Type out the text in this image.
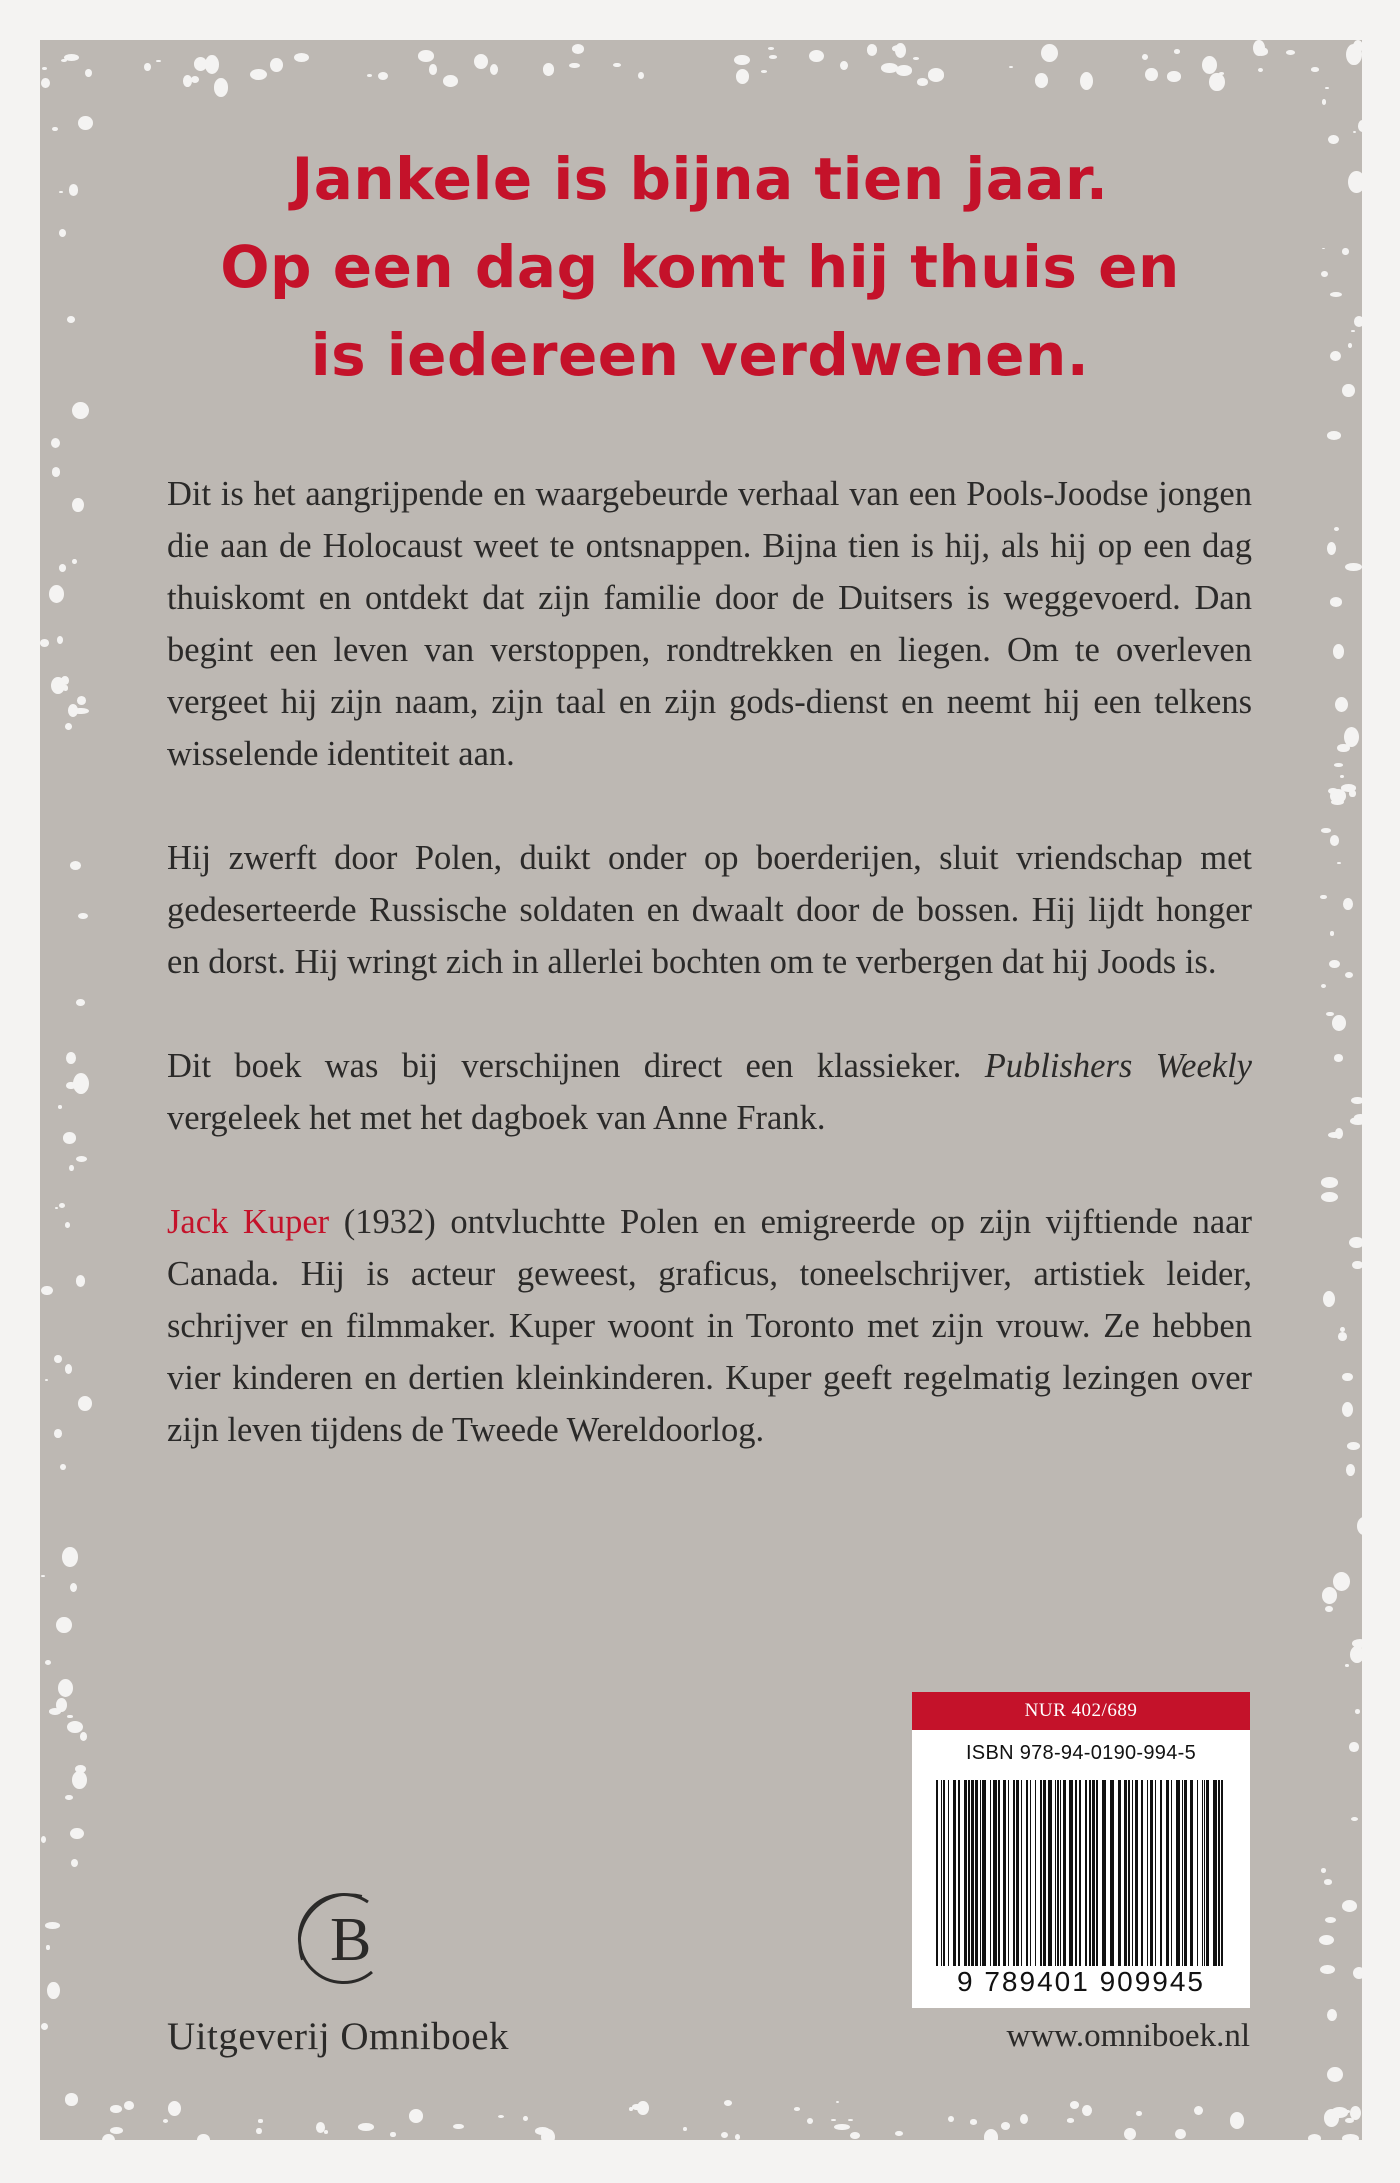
Jankele is bijna tien jaar.
Op een dag komt hij thuis en
is iedereen verdwenen.

Dit is het aangrijpende en waargebeurde verhaal van een Pools-Joodse jongen die aan de Holocaust weet te ontsnappen. Bijna tien is hij, als hij op een dag thuiskomt en ontdekt dat zijn familie door de Duitsers is weggevoerd. Dan begint een leven van verstoppen, rondtrekken en liegen. Om te overleven vergeet hij zijn naam, zijn taal en zijn gods-dienst en neemt hij een telkens wisselende identiteit aan.

Hij zwerft door Polen, duikt onder op boerderijen, sluit vriendschap met gedeserteerde Russische soldaten en dwaalt door de bossen. Hij lijdt honger en dorst. Hij wringt zich in allerlei bochten om te verbergen dat hij Joods is.

Dit boek was bij verschijnen direct een klassieker. Publishers Weekly vergeleek het met het dagboek van Anne Frank.

Jack Kuper (1932) ontvluchtte Polen en emigreerde op zijn vijftiende naar Canada. Hij is acteur geweest, graficus, toneelschrijver, artistiek leider, schrijver en filmmaker. Kuper woont in Toronto met zijn vrouw. Ze hebben vier kinderen en dertien kleinkinderen. Kuper geeft regelmatig lezingen over zijn leven tijdens de Tweede Wereldoorlog.

NUR 402/689
ISBN 978-94-0190-994-5
9 789401 909945
B
Uitgeverij Omniboek	www.omniboek.nl
